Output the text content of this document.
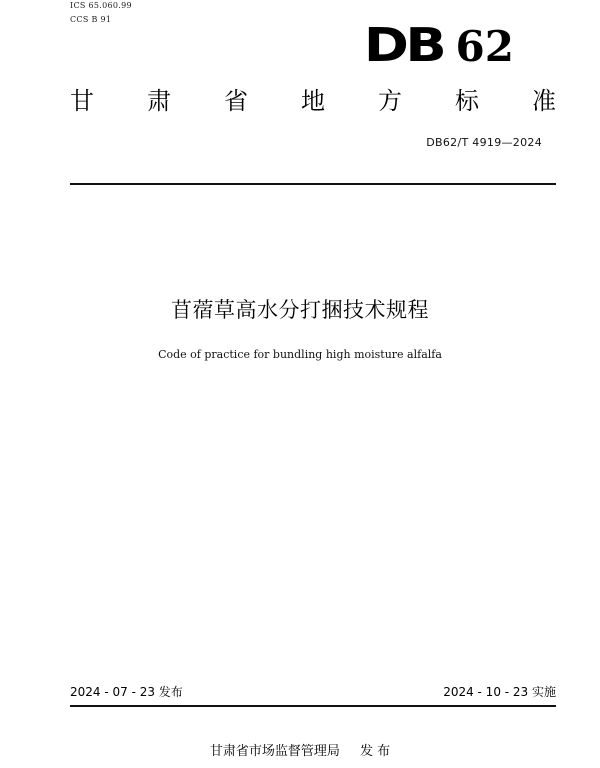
ICS 65.060.99
CCS B 91	DB 62
甘 肃 省 地 方 标 准
DB62/T 4919—2024
苜蓿草高水分打捆技术规程
Code of practice for bundling high moisture alfalfa
2024 - 07 - 23 发布	2024 - 10 - 23 实施
甘肃省市场监督管理局 发 布
